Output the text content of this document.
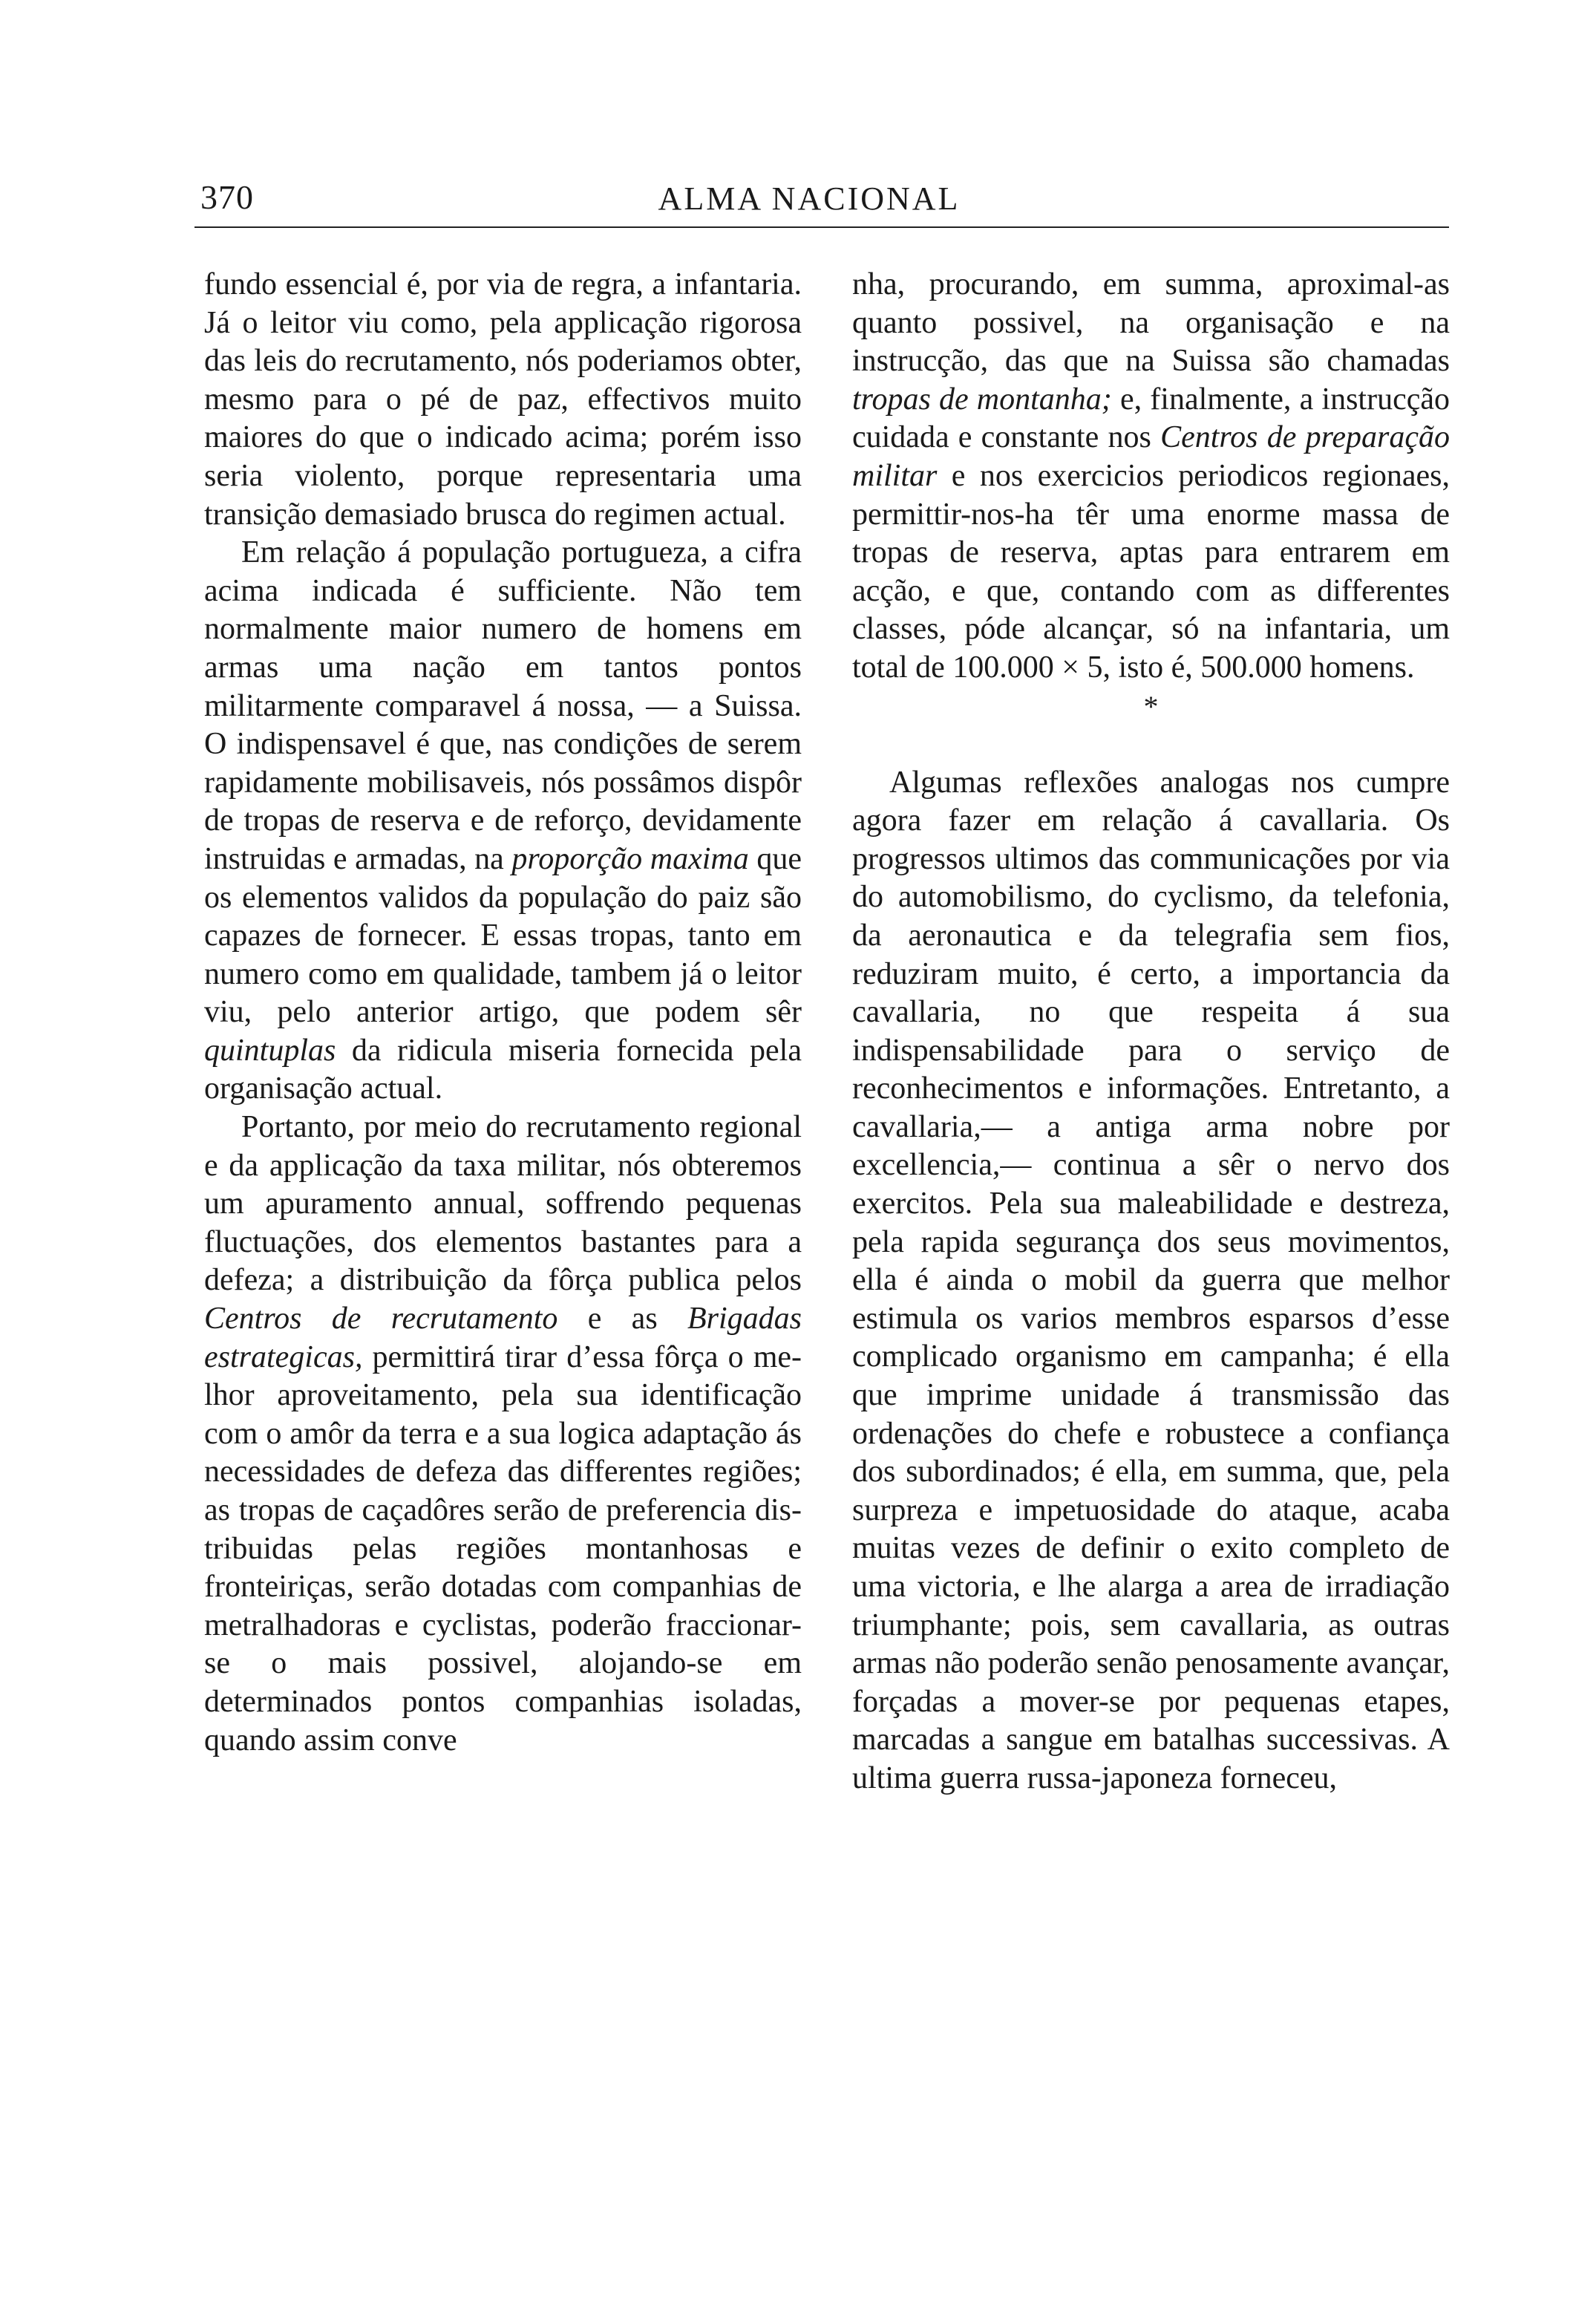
370	ALMA NACIONAL

fundo essencial é, por via de regra, a infantaria. Já o leitor viu como, pela applicação rigorosa das leis do recrutamento, nós poderiamos obter, mesmo para o pé de paz, effectivos muito maiores do que o indicado acima; porém isso seria violento, porque representaria uma transição demasiado brusca do regimen actual.

Em relação á população portugueza, a cifra acima indicada é sufficiente. Não tem normalmente maior numero de homens em armas uma nação em tantos pontos militarmente comparavel á nossa, — a Suissa. O indispensavel é que, nas condições de serem rapidamente mobilisaveis, nós possâmos dispôr de tropas de reserva e de reforço, devidamente instruidas e armadas, na proporção maxima que os elementos validos da população do paiz são capazes de fornecer. E essas tropas, tanto em numero como em qualidade, tambem já o leitor viu, pelo anterior artigo, que podem sêr quintuplas da ridicula miseria fornecida pela organisação actual.

Portanto, por meio do recrutamento regional e da applicação da taxa militar, nós obteremos um apuramento annual, soffrendo pequenas fluctuações, dos elementos bastantes para a defeza; a distribuição da fôrça publica pelos Centros de recrutamento e as Brigadas estrategicas, permittirá tirar d’essa fôrça o melhor aproveitamento, pela sua identificação com o amôr da terra e a sua logica adaptação ás necessidades de defeza das differentes regiões; as tropas de caçadôres serão de preferencia distribuidas pelas regiões montanhosas e fronteiriças, serão dotadas com companhias de metralhadoras e cyclistas, poderão fraccionar-se o mais possivel, alojando-se em determinados pontos companhias isoladas, quando assim conve

nha, procurando, em summa, aproximal-as quanto possivel, na organisação e na instrucção, das que na Suissa são chamadas tropas de montanha; e, finalmente, a instrucção cuidada e constante nos Centros de preparação militar e nos exercicios periodicos regionaes, permittir-nos-ha têr uma enorme massa de tropas de reserva, aptas para entrarem em acção, e que, contando com as differentes classes, póde alcançar, só na infantaria, um total de 100.000 × 5, isto é, 500.000 homens.

*

Algumas reflexões analogas nos cumpre agora fazer em relação á cavallaria. Os progressos ultimos das communicações por via do automobilismo, do cyclismo, da telefonia, da aeronautica e da telegrafia sem fios, reduziram muito, é certo, a importancia da cavallaria, no que respeita á sua indispensabilidade para o serviço de reconhecimentos e informações. Entretanto, a cavallaria,— a antiga arma nobre por excellencia,— continua a sêr o nervo dos exercitos. Pela sua maleabilidade e destreza, pela rapida segurança dos seus movimentos, ella é ainda o mobil da guerra que melhor estimula os varios membros esparsos d’esse complicado organismo em campanha; é ella que imprime unidade á transmissão das ordenações do chefe e robustece a confiança dos subordinados; é ella, em summa, que, pela surpreza e impetuosidade do ataque, acaba muitas vezes de definir o exito completo de uma victoria, e lhe alarga a area de irradiação triumphante; pois, sem cavallaria, as outras armas não poderão senão penosamente avançar, forçadas a mover-se por pequenas etapes, marcadas a sangue em batalhas successivas. A ultima guerra russa-japoneza forneceu,
